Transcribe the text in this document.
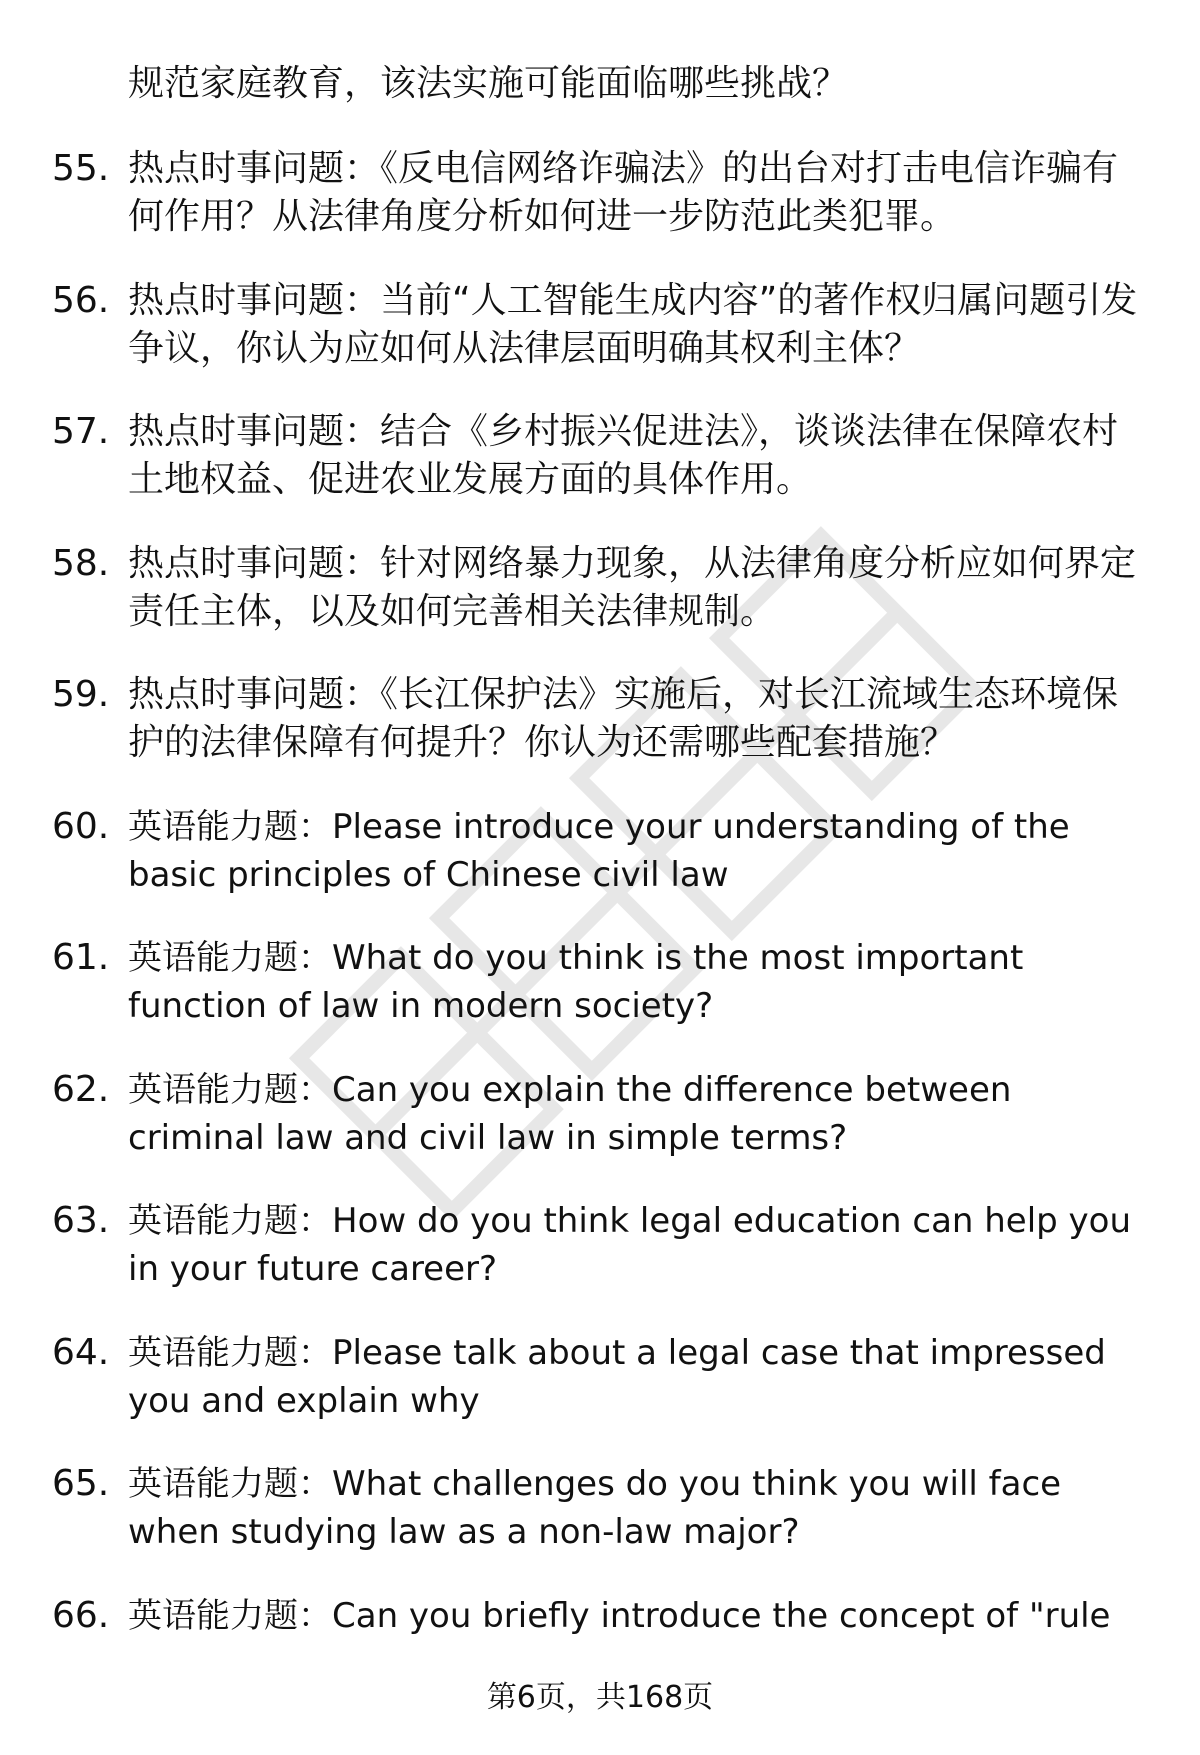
规范家庭教育，该法实施可能面临哪些挑战？

55. 热点时事问题：《反电信网络诈骗法》的出台对打击电信诈骗有何作用？从法律角度分析如何进一步防范此类犯罪。

56. 热点时事问题：当前“人工智能生成内容”的著作权归属问题引发争议，你认为应如何从法律层面明确其权利主体？

57. 热点时事问题：结合《乡村振兴促进法》，谈谈法律在保障农村土地权益、促进农业发展方面的具体作用。

58. 热点时事问题：针对网络暴力现象，从法律角度分析应如何界定责任主体，以及如何完善相关法律规制。

59. 热点时事问题：《长江保护法》实施后，对长江流域生态环境保护的法律保障有何提升？你认为还需哪些配套措施？

60. 英语能力题：Please introduce your understanding of the basic principles of Chinese civil law

61. 英语能力题：What do you think is the most important function of law in modern society?

62. 英语能力题：Can you explain the difference between criminal law and civil law in simple terms?

63. 英语能力题：How do you think legal education can help you in your future career?

64. 英语能力题：Please talk about a legal case that impressed you and explain why

65. 英语能力题：What challenges do you think you will face when studying law as a non-law major?

66. 英语能力题：Can you briefly introduce the concept of "rule

第6页，共168页
